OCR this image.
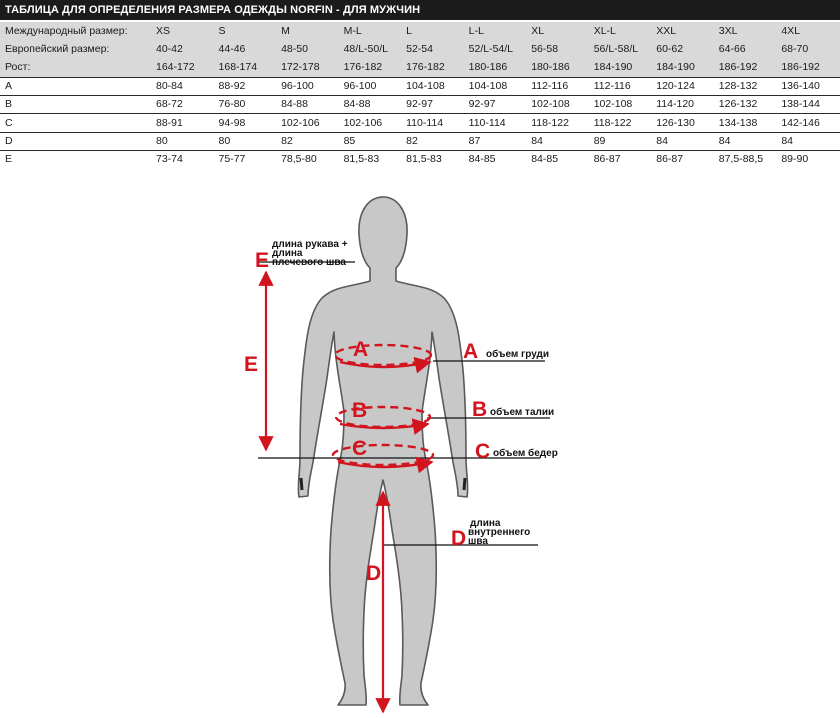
ТАБЛИЦА ДЛЯ ОПРЕДЕЛЕНИЯ РАЗМЕРА ОДЕЖДЫ NORFIN - ДЛЯ МУЖЧИН
Международный размер:	XS	S	M	M-L	L	L-L	XL	XL-L	XXL	3XL	4XL
Европейский размер:	40-42	44-46	48-50	48/L-50/L	52-54	52/L-54/L	56-58	56/L-58/L	60-62	64-66	68-70
Рост:	164-172	168-174	172-178	176-182	176-182	180-186	180-186	184-190	184-190	186-192	186-192
A	80-84	88-92	96-100	96-100	104-108	104-108	112-116	112-116	120-124	128-132	136-140
B	68-72	76-80	84-88	84-88	92-97	92-97	102-108	102-108	114-120	126-132	138-144
C	88-91	94-98	102-106	102-106	110-114	110-114	118-122	118-122	126-130	134-138	142-146
D	80	80	82	85	82	87	84	89	84	84	84
E	73-74	75-77	78,5-80	81,5-83	81,5-83	84-85	84-85	86-87	86-87	87,5-88,5	89-90
A
B
C
E
D
A
B
C
D
E
объем груди
объем талии
объем бедер
длина
внутреннего
шва
длина рукава +
длина
плечевого шва
